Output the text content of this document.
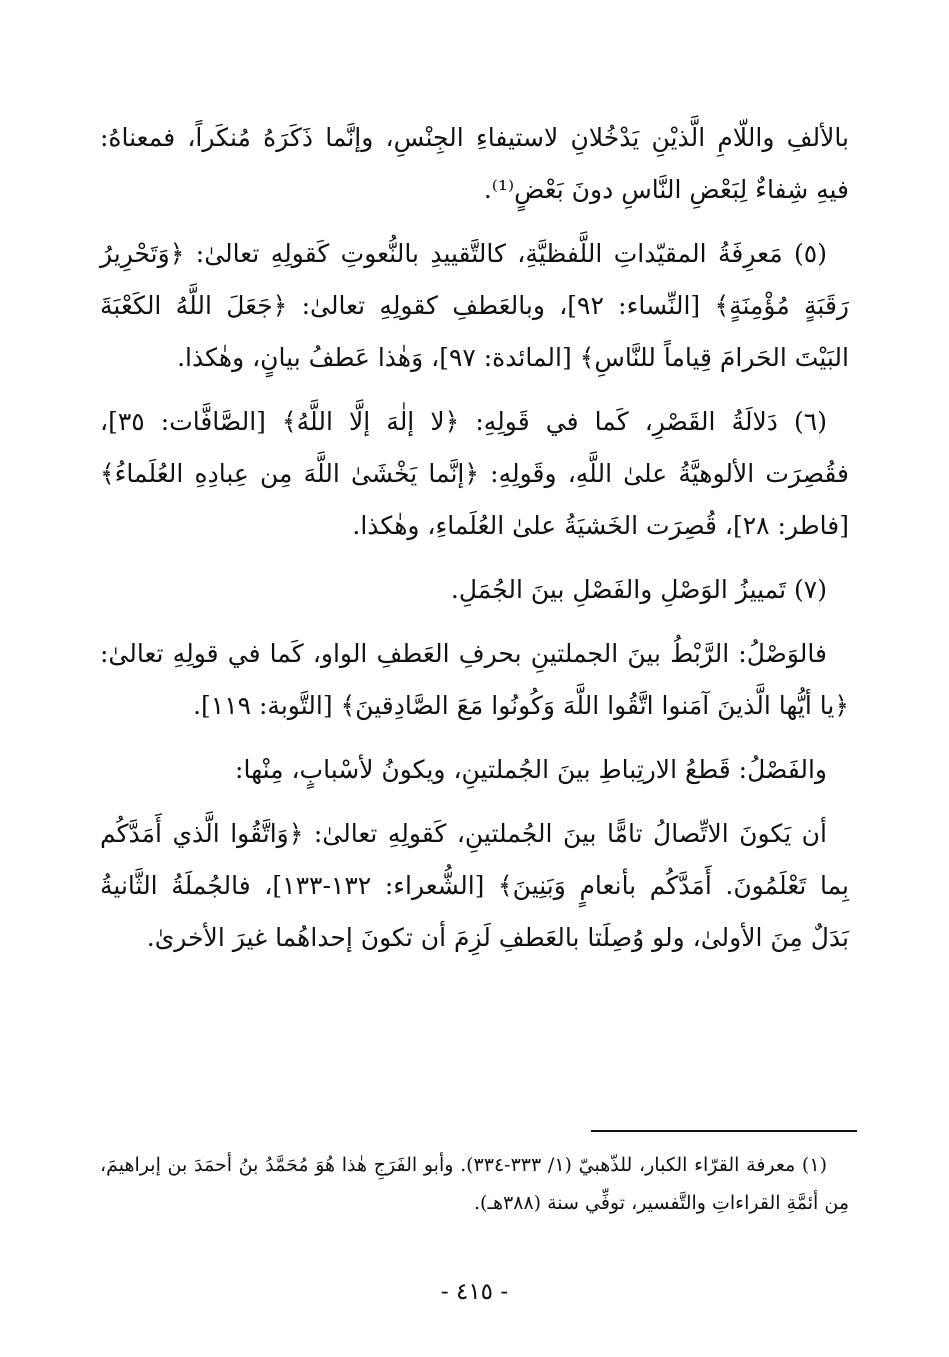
بالألفِ واللّامِ الَّذيْنِ يَدْخُلانِ لاستيفاءِ الجِنْسِ، وإنَّما ذَكَرَهُ مُنكَراً، فمعناهُ: فيهِ شِفاءٌ لِبَعْضِ النَّاسِ دونَ بَعْضٍ⁽¹⁾.

(٥) مَعرِفَةُ المقيّداتِ اللَّفظيَّةِ، كالتَّقييدِ بالنُّعوتِ كَقولِهِ تعالىٰ: ﴿وَتَحْرِيرُ رَقَبَةٍ مُؤْمِنَةٍ﴾ [النِّساء: ٩٢]، وبالعَطفِ كقولِهِ تعالىٰ: ﴿جَعَلَ اللَّهُ الكَعْبَةَ البَيْتَ الحَرامَ قِياماً للنَّاسِ﴾ [المائدة: ٩٧]، وَهٰذا عَطفُ بيانٍ، وهٰكذا.

(٦) دَلالَةُ القَصْرِ، كَما في قَولِهِ: ﴿لا إلٰهَ إلَّا اللَّهُ﴾ [الصَّافَّات: ٣٥]، فقُصِرَت الألوهيَّةُ علىٰ اللَّهِ، وقَولِهِ: ﴿إنَّما يَخْشَىٰ اللَّهَ مِن عِبادِهِ العُلَماءُ﴾ [فاطر: ٢٨]، قُصِرَت الخَشيَةُ علىٰ العُلَماءِ، وهٰكذا.

(٧) تَمييزُ الوَصْلِ والفَصْلِ بينَ الجُمَلِ.

فالوَصْلُ: الرَّبْطُ بينَ الجملتينِ بحرفِ العَطفِ الواو، كَما في قولِهِ تعالىٰ: ﴿يا أيُّها الَّذينَ آمَنوا اتَّقُوا اللَّهَ وَكُونُوا مَعَ الصَّادِقينَ﴾ [التَّوبة: ١١٩].

والفَصْلُ: قَطعُ الارتِباطِ بينَ الجُملتينِ، ويكونُ لأسْبابٍ، مِنْها:

أن يَكونَ الاتِّصالُ تامًّا بينَ الجُملتينِ، كَقولِهِ تعالىٰ: ﴿وَاتَّقُوا الَّذي أَمَدَّكُم بِما تَعْلَمُونَ. أَمَدَّكُم بأنعامٍ وَبَنِينَ﴾ [الشُّعراء: ١٣٢-١٣٣]، فالجُملَةُ الثَّانيةُ بَدَلٌ مِنَ الأولىٰ، ولو وُصِلَتا بالعَطفِ لَزِمَ أن تكونَ إحداهُما غيرَ الأخرىٰ.

(١) معرفة القرّاء الكبار، للذّهبيّ (١/ ٣٣٣-٣٣٤). وأبو الفَرَجِ هٰذا هُوَ مُحَمَّدُ بنُ أحمَدَ بن إبراهيمَ، مِن أئمَّةِ القراءاتِ والتَّفسير، توفِّي سنة (٣٨٨هـ).

- ٤١٥ -
